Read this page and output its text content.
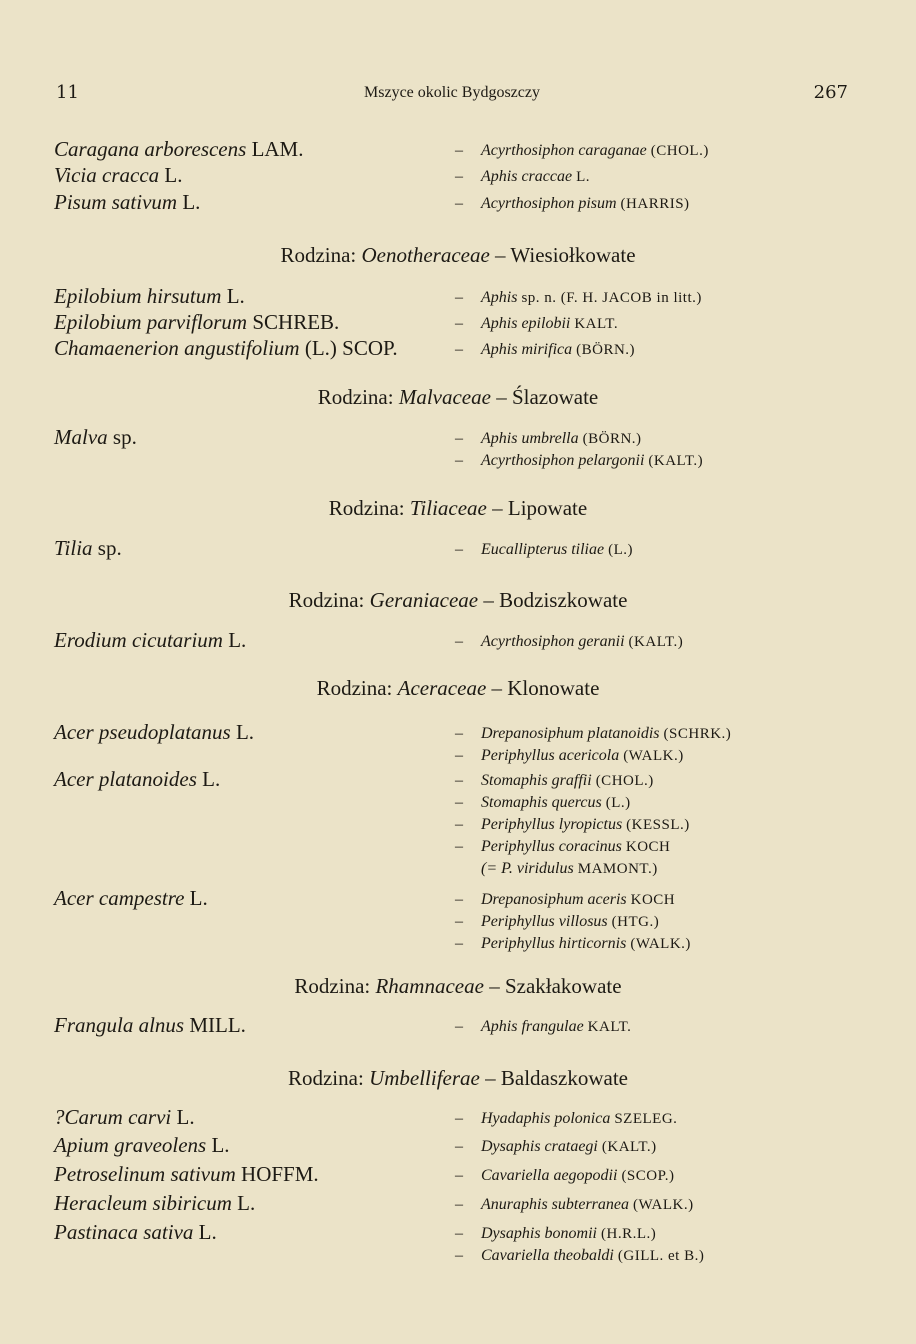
11	Mszyce okolic Bydgoszczy	267
Caragana arborescens LAM.	– Acyrthosiphon caraganae (CHOL.)
Vicia cracca L.	– Aphis craccae L.
Pisum sativum L.	– Acyrthosiphon pisum (HARRIS)
Rodzina: Oenotheraceae – Wiesiołkowate
Epilobium hirsutum L.	– Aphis sp. n. (F. H. JACOB in litt.)
Epilobium parviflorum SCHREB.	– Aphis epilobii KALT.
Chamaenerion angustifolium (L.) SCOP.	– Aphis mirifica (BÖRN.)
Rodzina: Malvaceae – Ślazowate
Malva sp.	– Aphis umbrella (BÖRN.)
– Acyrthosiphon pelargonii (KALT.)
Rodzina: Tiliaceae – Lipowate
Tilia sp.	– Eucallipterus tiliae (L.)
Rodzina: Geraniaceae – Bodziszkowate
Erodium cicutarium L.	– Acyrthosiphon geranii (KALT.)
Rodzina: Aceraceae – Klonowate
Acer pseudoplatanus L.	– Drepanosiphum platanoidis (SCHRK.)
– Periphyllus acericola (WALK.)
Acer platanoides L.	– Stomaphis graffii (CHOL.)
– Stomaphis quercus (L.)
– Periphyllus lyropictus (KESSL.)
– Periphyllus coracinus KOCH
(= P. viridulus MAMONT.)
Acer campestre L.	– Drepanosiphum aceris KOCH
– Periphyllus villosus (HTG.)
– Periphyllus hirticornis (WALK.)
Rodzina: Rhamnaceae – Szakłakowate
Frangula alnus MILL.	– Aphis frangulae KALT.
Rodzina: Umbelliferae – Baldaszkowate
?Carum carvi L.	– Hyadaphis polonica SZELEG.
Apium graveolens L.	– Dysaphis crataegi (KALT.)
Petroselinum sativum HOFFM.	– Cavariella aegopodii (SCOP.)
Heracleum sibiricum L.	– Anuraphis subterranea (WALK.)
Pastinaca sativa L.	– Dysaphis bonomii (H.R.L.)
– Cavariella theobaldi (GILL. et B.)
